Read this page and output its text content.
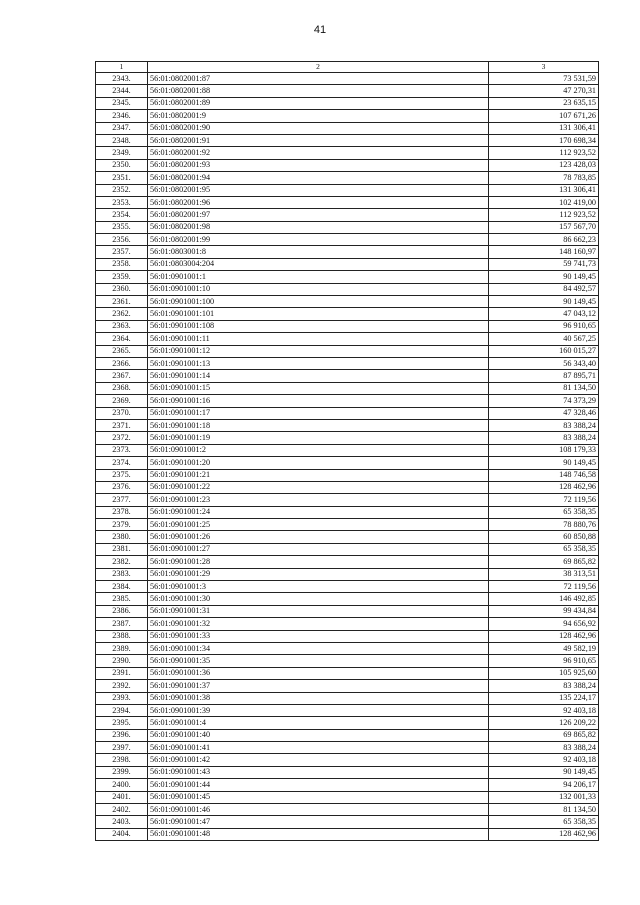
41
1	2	3
2343.	56:01:0802001:87	73 531,59
2344.	56:01:0802001:88	47 270,31
2345.	56:01:0802001:89	23 635,15
2346.	56:01:0802001:9	107 671,26
2347.	56:01:0802001:90	131 306,41
2348.	56:01:0802001:91	170 698,34
2349.	56:01:0802001:92	112 923,52
2350.	56:01:0802001:93	123 428,03
2351.	56:01:0802001:94	78 783,85
2352.	56:01:0802001:95	131 306,41
2353.	56:01:0802001:96	102 419,00
2354.	56:01:0802001:97	112 923,52
2355.	56:01:0802001:98	157 567,70
2356.	56:01:0802001:99	86 662,23
2357.	56:01:0803001:8	148 160,97
2358.	56:01:0803004:204	59 741,73
2359.	56:01:0901001:1	90 149,45
2360.	56:01:0901001:10	84 492,57
2361.	56:01:0901001:100	90 149,45
2362.	56:01:0901001:101	47 043,12
2363.	56:01:0901001:108	96 910,65
2364.	56:01:0901001:11	40 567,25
2365.	56:01:0901001:12	160 015,27
2366.	56:01:0901001:13	56 343,40
2367.	56:01:0901001:14	87 895,71
2368.	56:01:0901001:15	81 134,50
2369.	56:01:0901001:16	74 373,29
2370.	56:01:0901001:17	47 328,46
2371.	56:01:0901001:18	83 388,24
2372.	56:01:0901001:19	83 388,24
2373.	56:01:0901001:2	108 179,33
2374.	56:01:0901001:20	90 149,45
2375.	56:01:0901001:21	148 746,58
2376.	56:01:0901001:22	128 462,96
2377.	56:01:0901001:23	72 119,56
2378.	56:01:0901001:24	65 358,35
2379.	56:01:0901001:25	78 880,76
2380.	56:01:0901001:26	60 850,88
2381.	56:01:0901001:27	65 358,35
2382.	56:01:0901001:28	69 865,82
2383.	56:01:0901001:29	38 313,51
2384.	56:01:0901001:3	72 119,56
2385.	56:01:0901001:30	146 492,85
2386.	56:01:0901001:31	99 434,84
2387.	56:01:0901001:32	94 656,92
2388.	56:01:0901001:33	128 462,96
2389.	56:01:0901001:34	49 582,19
2390.	56:01:0901001:35	96 910,65
2391.	56:01:0901001:36	105 925,60
2392.	56:01:0901001:37	83 388,24
2393.	56:01:0901001:38	135 224,17
2394.	56:01:0901001:39	92 403,18
2395.	56:01:0901001:4	126 209,22
2396.	56:01:0901001:40	69 865,82
2397.	56:01:0901001:41	83 388,24
2398.	56:01:0901001:42	92 403,18
2399.	56:01:0901001:43	90 149,45
2400.	56:01:0901001:44	94 206,17
2401.	56:01:0901001:45	132 001,33
2402.	56:01:0901001:46	81 134,50
2403.	56:01:0901001:47	65 358,35
2404.	56:01:0901001:48	128 462,96
